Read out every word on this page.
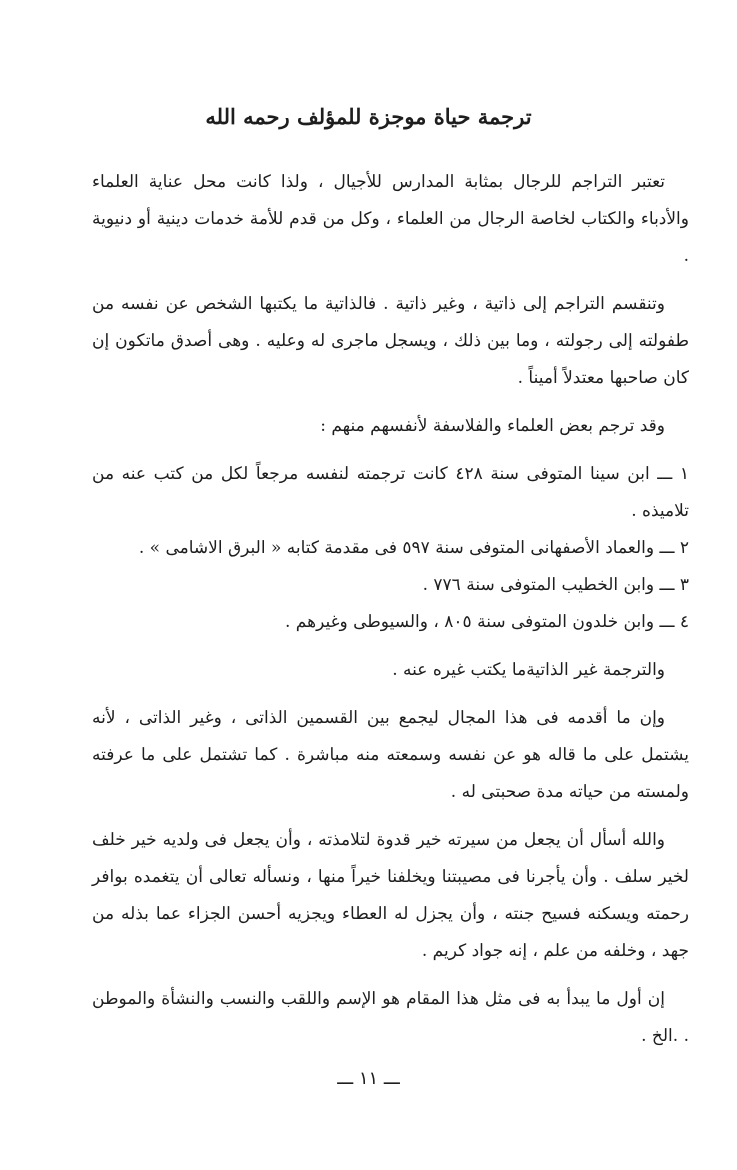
ترجمة حياة موجزة للمؤلف رحمه الله

تعتبر التراجم للرجال بمثابة المدارس للأجيال ، ولذا كانت محل عناية العلماء والأدباء والكتاب لخاصة الرجال من العلماء ، وكل من قدم للأمة خدمات دينية أو دنيوية .

وتنقسم التراجم إلى ذاتية ، وغير ذاتية . فالذاتية ما يكتبها الشخص عن نفسه من طفولته إلى رجولته ، وما بين ذلك ، ويسجل ماجرى له وعليه . وهى أصدق ماتكون إن كان صاحبها معتدلاً أميناً .

وقد ترجم بعض العلماء والفلاسفة لأنفسهم منهم :

١ ـــ ابن سينا المتوفى سنة ٤٢٨ كانت ترجمته لنفسه مرجعاً لكل من كتب عنه من تلاميذه .

٢ ـــ والعماد الأصفهانى المتوفى سنة ٥٩٧ فى مقدمة كتابه « البرق الاشامى » .

٣ ـــ وابن الخطيب المتوفى سنة ٧٧٦ .

٤ ـــ وابن خلدون المتوفى سنة ٨٠٥ ، والسيوطى وغيرهم .

والترجمة غير الذاتيةما يكتب غيره عنه .

وإن ما أقدمه فى هذا المجال ليجمع بين القسمين الذاتى ، وغير الذاتى ، لأنه يشتمل على ما قاله هو عن نفسه وسمعته منه مباشرة . كما تشتمل على ما عرفته ولمسته من حياته مدة صحبتى له .

والله أسأل أن يجعل من سيرته خير قدوة لتلامذته ، وأن يجعل فى ولديه خير خلف لخير سلف . وأن يأجرنا فى مصيبتنا ويخلفنا خيراً منها ، ونسأله تعالى أن يتغمده بوافر رحمته ويسكنه فسيح جنته ، وأن يجزل له العطاء ويجزيه أحسن الجزاء عما بذله من جهد ، وخلفه من علم ، إنه جواد كريم .

إن أول ما يبدأ به فى مثل هذا المقام هو الإسم واللقب والنسب والنشأة والموطن . .الخ .

ـــ ١١ ـــ
